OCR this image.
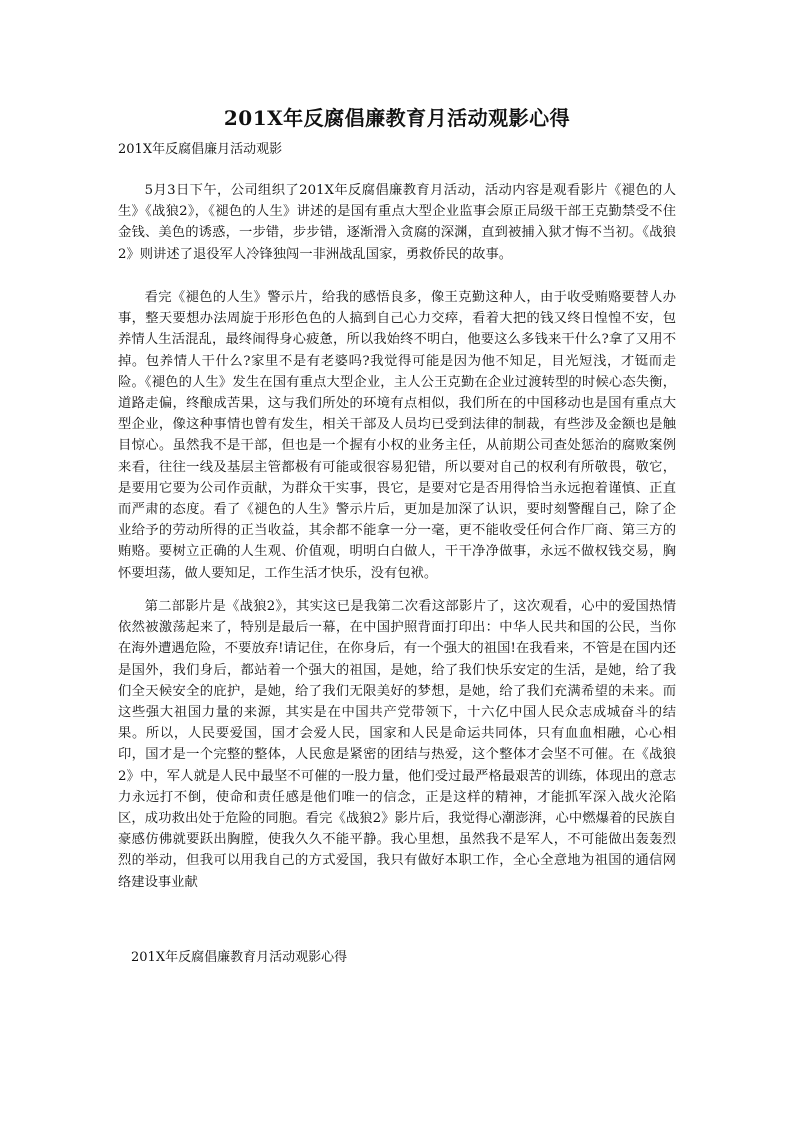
201X年反腐倡廉教育月活动观影心得
201X年反腐倡廉月活动观影

5月3日下午，公司组织了201X年反腐倡廉教育月活动，活动内容是观看影片《褪色的人生》《战狼2》，《褪色的人生》讲述的是国有重点大型企业监事会原正局级干部王克勤禁受不住金钱、美色的诱惑，一步错，步步错，逐渐滑入贪腐的深渊，直到被捕入狱才悔不当初。《战狼2》则讲述了退役军人冷锋独闯一非洲战乱国家，勇救侨民的故事。

看完《褪色的人生》警示片，给我的感悟良多，像王克勤这种人，由于收受贿赂要替人办事，整天要想办法周旋于形形色色的人搞到自己心力交瘁，看着大把的钱又终日惶惶不安，包养情人生活混乱，最终闹得身心疲惫，所以我始终不明白，他要这么多钱来干什么?拿了又用不掉。包养情人干什么?家里不是有老婆吗?我觉得可能是因为他不知足，目光短浅，才铤而走险。《褪色的人生》发生在国有重点大型企业，主人公王克勤在企业过渡转型的时候心态失衡，道路走偏，终酿成苦果，这与我们所处的环境有点相似，我们所在的中国移动也是国有重点大型企业，像这种事情也曾有发生，相关干部及人员均已受到法律的制裁，有些涉及金额也是触目惊心。虽然我不是干部，但也是一个握有小权的业务主任，从前期公司查处惩治的腐败案例来看，往往一线及基层主管都极有可能或很容易犯错，所以要对自己的权利有所敬畏，敬它，是要用它要为公司作贡献，为群众干实事，畏它，是要对它是否用得恰当永远抱着谨慎、正直而严肃的态度。看了《褪色的人生》警示片后，更加是加深了认识，要时刻警醒自己，除了企业给予的劳动所得的正当收益，其余都不能拿一分一毫，更不能收受任何合作厂商、第三方的贿赂。要树立正确的人生观、价值观，明明白白做人，干干净净做事，永远不做权钱交易，胸怀要坦荡，做人要知足，工作生活才快乐，没有包袱。

第二部影片是《战狼2》，其实这已是我第二次看这部影片了，这次观看，心中的爱国热情依然被激荡起来了，特别是最后一幕，在中国护照背面打印出：中华人民共和国的公民，当你在海外遭遇危险，不要放弃!请记住，在你身后，有一个强大的祖国!在我看来，不管是在国内还是国外，我们身后，都站着一个强大的祖国，是她，给了我们快乐安定的生活，是她，给了我们全天候安全的庇护，是她，给了我们无限美好的梦想，是她，给了我们充满希望的未来。而这些强大祖国力量的来源，其实是在中国共产党带领下，十六亿中国人民众志成城奋斗的结果。所以，人民要爱国，国才会爱人民，国家和人民是命运共同体，只有血血相融，心心相印，国才是一个完整的整体，人民愈是紧密的团结与热爱，这个整体才会坚不可催。在《战狼2》中，军人就是人民中最坚不可催的一股力量，他们受过最严格最艰苦的训练，体现出的意志力永远打不倒，使命和责任感是他们唯一的信念，正是这样的精神，才能抓军深入战火沦陷区，成功救出处于危险的同胞。看完《战狼2》影片后，我觉得心潮澎湃，心中燃爆着的民族自豪感仿佛就要跃出胸膛，使我久久不能平静。我心里想，虽然我不是军人，不可能做出轰轰烈烈的举动，但我可以用我自己的方式爱国，我只有做好本职工作，全心全意地为祖国的通信网络建设事业献

201X年反腐倡廉教育月活动观影心得
